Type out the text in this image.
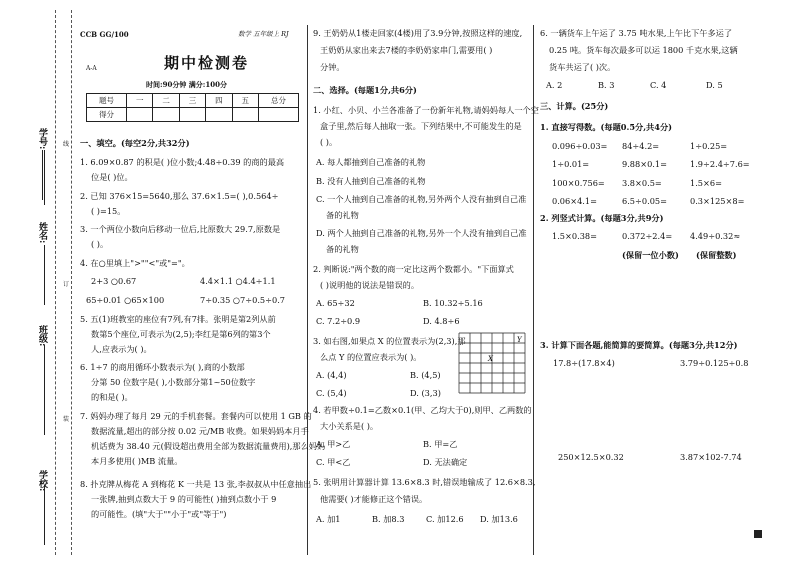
学号:
姓名:
班级:
学校:
线
订
装
CCB GG/100	数学 五年级上 RJ
A-A	期中检测卷
时间:90分钟 满分:100分
题号	一	二	三	四	五	总分
得分						
一、填空。(每空2分,共32分)
1. 6.09×0.87 的积是( )位小数;4.48÷0.39 的商的最高
位是( )位。
2. 已知 376×15=5640,那么 37.6×1.5=( ),0.564÷
( )=15。
3. 一个两位小数向后移动一位后,比原数大 29.7,原数是
( )。
4. 在○里填上">""<"或"="。
2+3 ○0.67	4.4×1.1 ○4.4÷1.1
65÷0.01 ○65×100	7÷0.35 ○7÷0.5÷0.7
5. 五(1)班教室的座位有7列,有7排。张明是第2列从前
数第5个座位,可表示为(2,5);李红是第6列的第3个
人,应表示为( )。
6. 1÷7 的商用循环小数表示为( ),商的小数部
分第 50 位数字是( ),小数部分第1~50位数字
的和是( )。
7. 妈妈办理了每月 29 元的手机套餐。套餐内可以使用 1 GB 的
数据流量,超出的部分按 0.02 元/MB 收费。如果妈妈本月手
机话费为 38.40 元(假设超出费用全部为数据流量费用),那么妈妈
本月多使用( )MB 流量。
8. 扑克牌从梅花 A 到梅花 K 一共是 13 张,李叔叔从中任意抽出
一张牌,抽到点数大于 9 的可能性( )抽到点数小于 9
的可能性。(填"大于""小于"或"等于")
9. 王奶奶从1楼走回家(4楼)用了3.9分钟,按照这样的速度,
王奶奶从家出来去7楼的李奶奶家串门,需要用( )
分钟。
二、选择。(每题1分,共6分)
1. 小红、小贝、小兰各准备了一份新年礼物,请妈妈每人一个空
盒子里,然后每人抽取一张。下列结果中,不可能发生的是
( )。
A. 每人都抽到自己准备的礼物
B. 没有人抽到自己准备的礼物
C. 一个人抽到自己准备的礼物,另外两个人没有抽到自己准
备的礼物
D. 两个人抽到自己准备的礼物,另外一个人没有抽到自己准
备的礼物
2. 判断说:"两个数的商一定比这两个数都小。"下面算式
( )说明他的说法是错误的。
A. 65÷32	B. 10.32÷5.16
C. 7.2÷0.9	D. 4.8÷6
3. 如右图,如果点 X 的位置表示为(2,3),那
么点 Y 的位置应表示为( )。
A. (4,4)	B. (4,5)
C. (5,4)	D. (3,3)
X
Y
4. 若甲数÷0.1=乙数×0.1(甲、乙均大于0),则甲、乙两数的
大小关系是( )。
A. 甲>乙	B. 甲=乙
C. 甲<乙	D. 无法确定
5. 张明用计算器计算 13.6×8.3 时,错误地输成了 12.6×8.3,
他需要( )才能修正这个错误。
A. 加1	B. 加8.3	C. 加12.6 D. 加13.6
6. 一辆货车上午运了 3.75 吨水果,上午比下午多运了
0.25 吨。货车每次最多可以运 1800 千克水果,这辆
货车共运了( )次。
A. 2	B. 3	C. 4	D. 5
三、计算。(25分)
1. 直接写得数。(每题0.5分,共4分)
0.096÷0.03= 84÷4.2=	1÷0.25=
1÷0.01=	9.88×0.1=	1.9÷2.4÷7.6=
100×0.756= 3.8×0.5=	1.5×6=
0.06×4.1=	6.5÷0.05=	0.3×125×8=
2. 列竖式计算。(每题3分,共9分)
1.5×0.38=	0.372÷2.4= 4.49÷0.32≈
(保留一位小数) (保留整数)
3. 计算下面各题,能简算的要简算。(每题3分,共12分)
17.8÷(17.8×4)	3.79÷0.125÷0.8
250×12.5×0.32	3.87×102-7.74
